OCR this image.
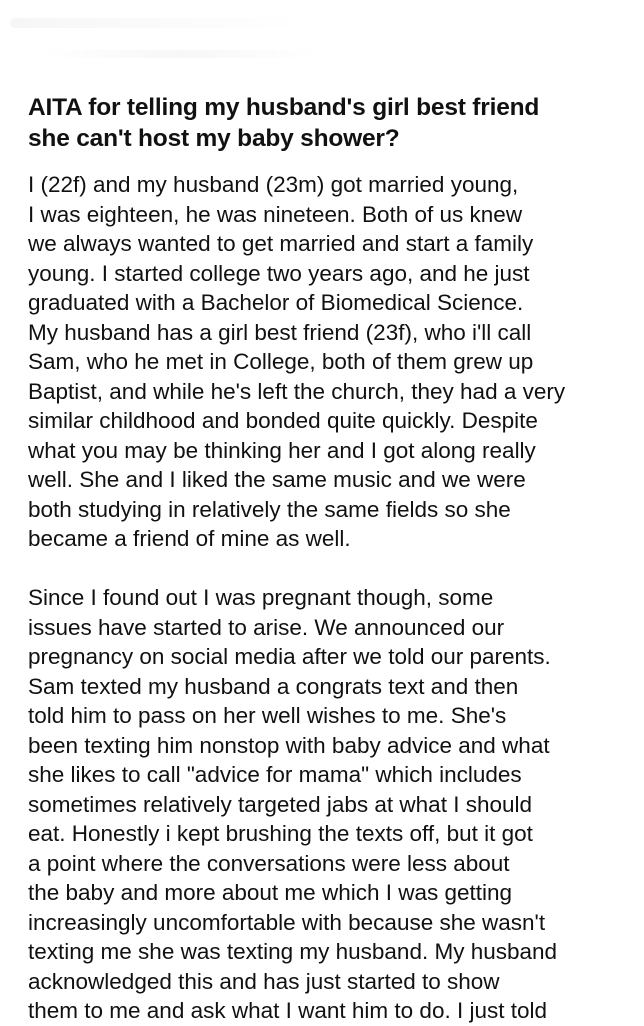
AITA for telling my husband's girl best friend
she can't host my baby shower?

I (22f) and my husband (23m) got married young,
I was eighteen, he was nineteen. Both of us knew
we always wanted to get married and start a family
young. I started college two years ago, and he just
graduated with a Bachelor of Biomedical Science.
My husband has a girl best friend (23f), who i'll call
Sam, who he met in College, both of them grew up
Baptist, and while he's left the church, they had a very
similar childhood and bonded quite quickly. Despite
what you may be thinking her and I got along really
well. She and I liked the same music and we were
both studying in relatively the same fields so she
became a friend of mine as well.

Since I found out I was pregnant though, some
issues have started to arise. We announced our
pregnancy on social media after we told our parents.
Sam texted my husband a congrats text and then
told him to pass on her well wishes to me. She's
been texting him nonstop with baby advice and what
she likes to call "advice for mama" which includes
sometimes relatively targeted jabs at what I should
eat. Honestly i kept brushing the texts off, but it got
a point where the conversations were less about
the baby and more about me which I was getting
increasingly uncomfortable with because she wasn't
texting me she was texting my husband. My husband
acknowledged this and has just started to show
them to me and ask what I want him to do. I just told
